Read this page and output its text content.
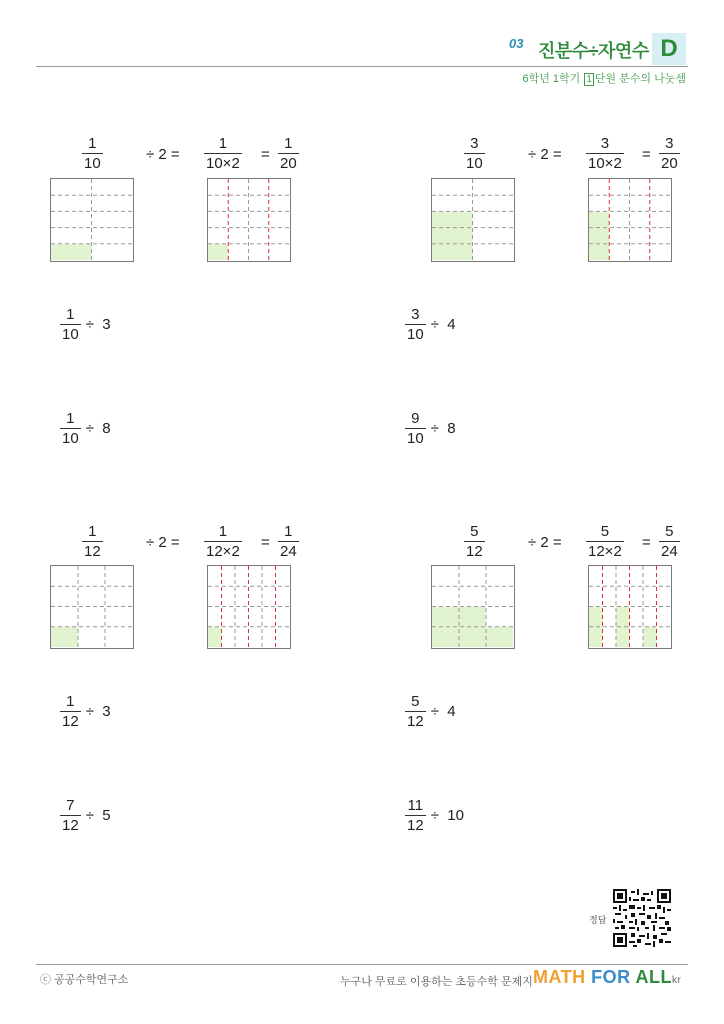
03 진분수÷자연수 D
6학년 1학기 1 단원 분수의 나눗셈
$\frac{1}{10}$	÷
2
= $\frac{1}{10\times 2} = \frac{1}{20}$	$\frac{3}{10}$	÷
2
= $\frac{3}{10\times 2} = \frac{3}{20}$
$\frac{1}{10}$ ÷
3	$\frac{3}{10}$ ÷
4
$\frac{1}{10}$ ÷
8	$\frac{9}{10}$ ÷
8
$\frac{1}{12}$	÷
2
= $\frac{1}{12\times 2} = \frac{1}{24}$	$\frac{5}{12}$	÷
2
= $\frac{5}{12\times 2} = \frac{5}{24}$
$\frac{1}{12}$ ÷
3	$\frac{5}{12}$ ÷
4
$\frac{7}{12}$ ÷
5	$\frac{11}{12}$ ÷
10
정답
ⓒ 공공수학연구소	누구나 무료로 이용하는 초등수학 문제지 MATH FOR ALLkr
